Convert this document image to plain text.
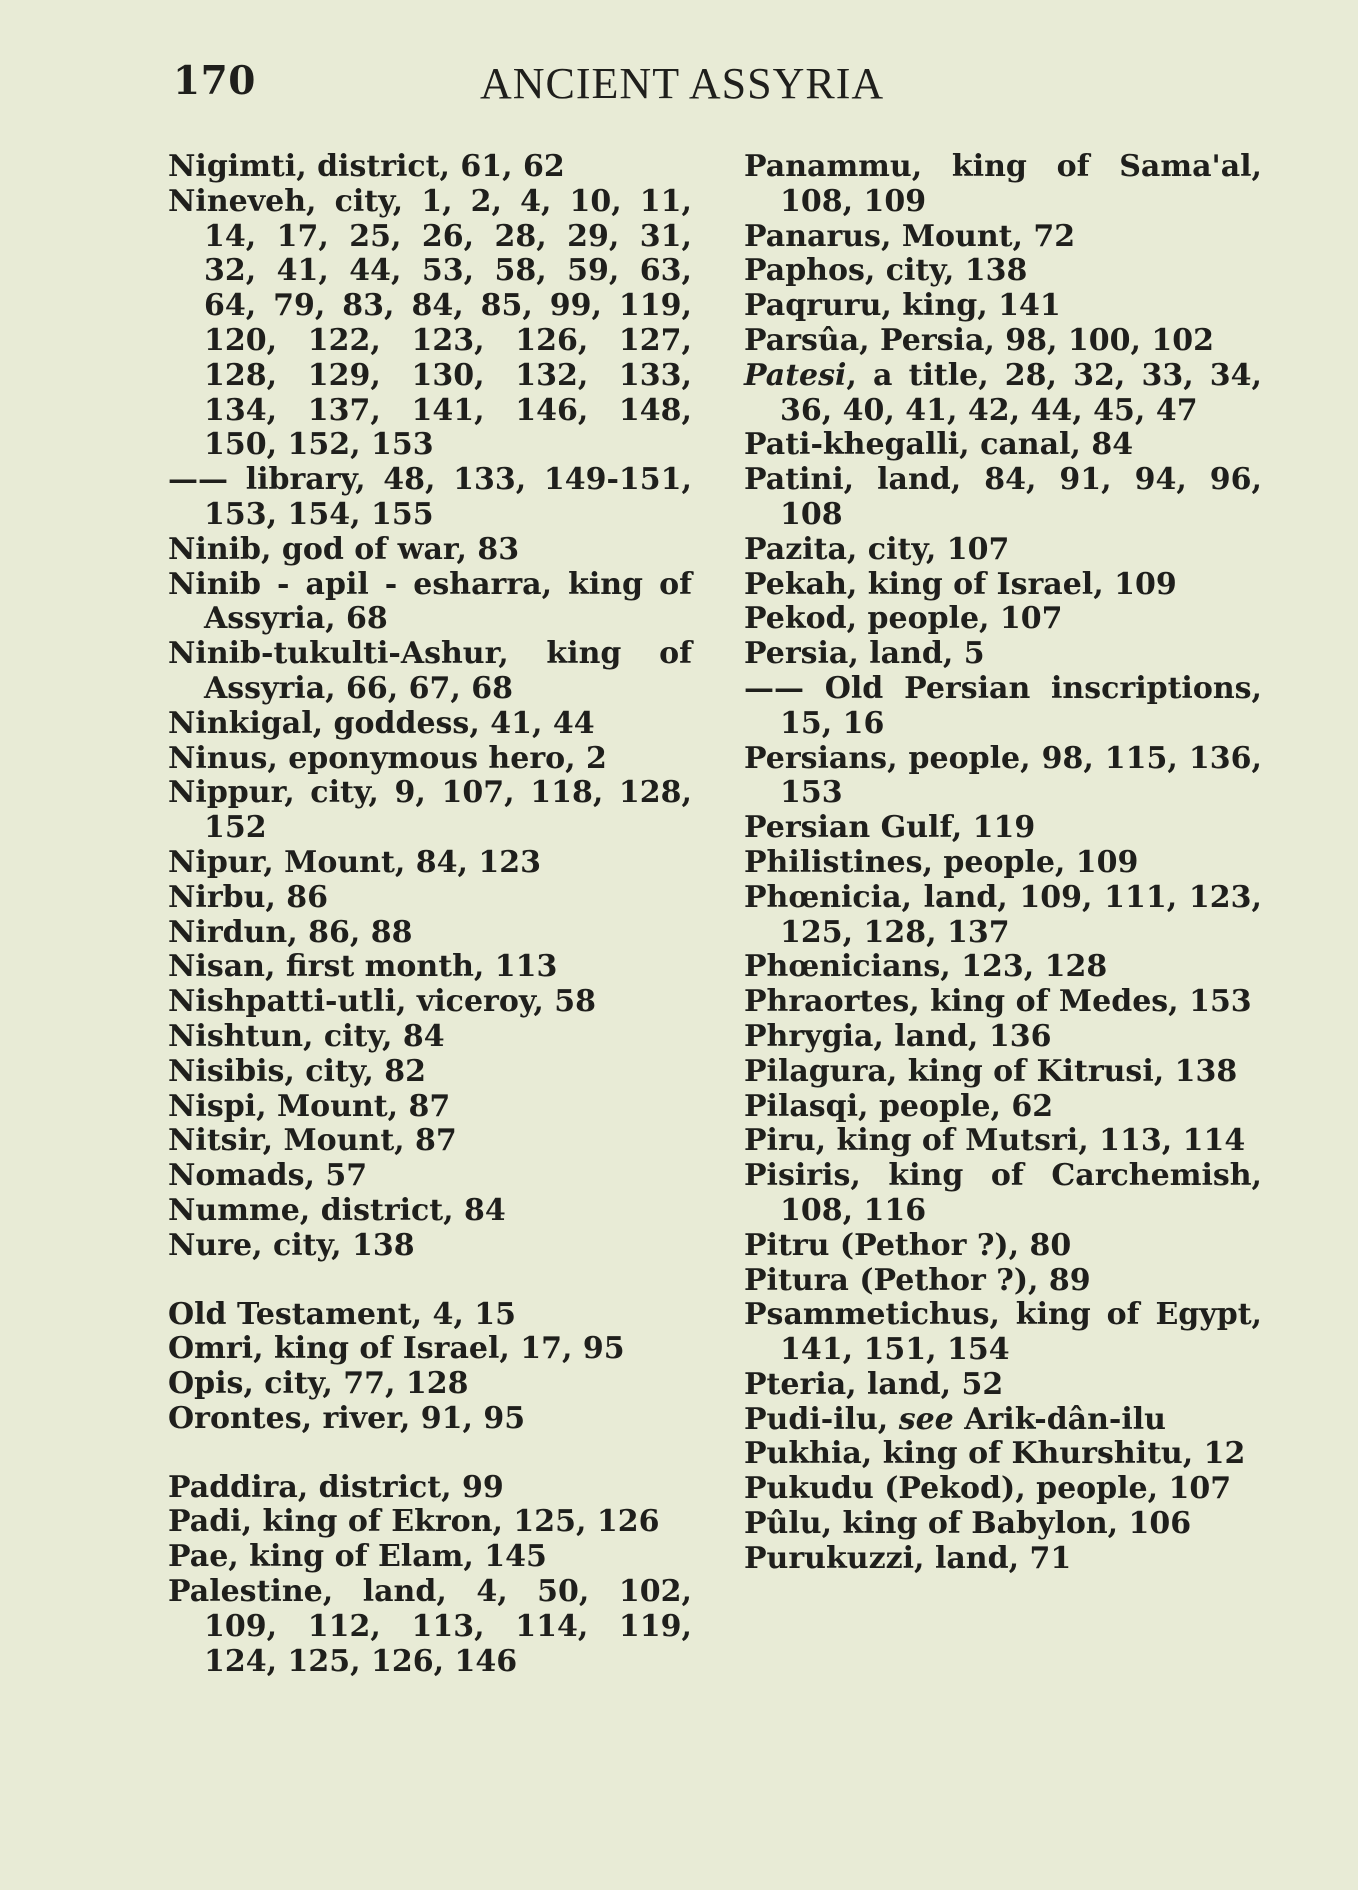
170	ANCIENT ASSYRIA
Nigimti, district, 61, 62
Nineveh, city, 1, 2, 4, 10, 11, 14, 17, 25, 26, 28, 29, 31, 32, 41, 44, 53, 58, 59, 63, 64, 79, 83, 84, 85, 99, 119, 120, 122, 123, 126, 127, 128, 129, 130, 132, 133, 134, 137, 141, 146, 148, 150, 152, 153
—— library, 48, 133, 149-151, 153, 154, 155
Ninib, god of war, 83
Ninib - apil - esharra, king of Assyria, 68
Ninib-tukulti-Ashur, king of Assyria, 66, 67, 68
Ninkigal, goddess, 41, 44
Ninus, eponymous hero, 2
Nippur, city, 9, 107, 118, 128, 152
Nipur, Mount, 84, 123
Nirbu, 86
Nirdun, 86, 88
Nisan, first month, 113
Nishpatti-utli, viceroy, 58
Nishtun, city, 84
Nisibis, city, 82
Nispi, Mount, 87
Nitsir, Mount, 87
Nomads, 57
Numme, district, 84
Nure, city, 138
Old Testament, 4, 15
Omri, king of Israel, 17, 95
Opis, city, 77, 128
Orontes, river, 91, 95
Paddira, district, 99
Padi, king of Ekron, 125, 126
Pae, king of Elam, 145
Palestine, land, 4, 50, 102, 109, 112, 113, 114, 119, 124, 125, 126, 146
Panammu, king of Sama'al, 108, 109
Panarus, Mount, 72
Paphos, city, 138
Paqruru, king, 141
Parsûa, Persia, 98, 100, 102
Patesi, a title, 28, 32, 33, 34, 36, 40, 41, 42, 44, 45, 47
Pati-khegalli, canal, 84
Patini, land, 84, 91, 94, 96, 108
Pazita, city, 107
Pekah, king of Israel, 109
Pekod, people, 107
Persia, land, 5
—— Old Persian inscriptions, 15, 16
Persians, people, 98, 115, 136, 153
Persian Gulf, 119
Philistines, people, 109
Phœnicia, land, 109, 111, 123, 125, 128, 137
Phœnicians, 123, 128
Phraortes, king of Medes, 153
Phrygia, land, 136
Pilagura, king of Kitrusi, 138
Pilasqi, people, 62
Piru, king of Mutsri, 113, 114
Pisiris, king of Carchemish, 108, 116
Pitru (Pethor ?), 80
Pitura (Pethor ?), 89
Psammetichus, king of Egypt, 141, 151, 154
Pteria, land, 52
Pudi-ilu, see Arik-dân-ilu
Pukhia, king of Khurshitu, 12
Pukudu (Pekod), people, 107
Pûlu, king of Babylon, 106
Purukuzzi, land, 71
